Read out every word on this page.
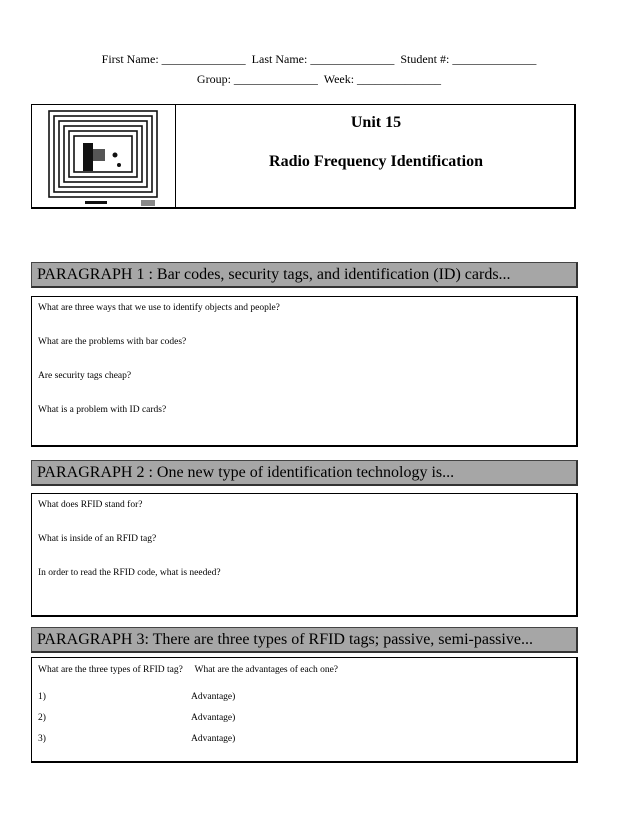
First Name: ______________  Last Name: ______________  Student #: ______________
Group: ______________  Week: ______________
Unit 15
Radio Frequency Identification
PARAGRAPH 1 : Bar codes, security tags, and identification (ID) cards...
What are three ways that we use to identify objects and people?
What are the problems with bar codes?
Are security tags cheap?
What is a problem with ID cards?
PARAGRAPH 2 : One new type of identification technology is...
What does RFID stand for?
What is inside of an RFID tag?
In order to read the RFID code, what is needed?
PARAGRAPH 3: There are three types of RFID tags; passive, semi-passive...
What are the three types of RFID tag?     What are the advantages of each one?
1)	Advantage)
2)	Advantage)
3)	Advantage)
